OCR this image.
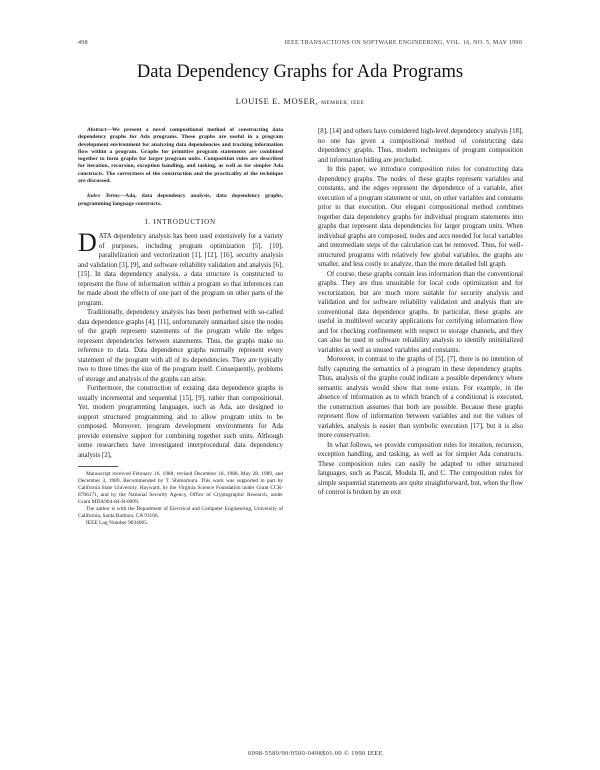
498	IEEE TRANSACTIONS ON SOFTWARE ENGINEERING, VOL. 16, NO. 5, MAY 1990
Data Dependency Graphs for Ada Programs
LOUISE E. MOSER, MEMBER, IEEE

Abstract—We present a novel compositional method of constructing data dependency graphs for Ada programs. These graphs are useful in a program development environment for analyzing data dependencies and tracking information flow within a program. Graphs for primitive program statements are combined together to form graphs for larger program units. Composition rules are described for iteration, recursion, exception handling, and tasking, as well as for simpler Ada constructs. The correctness of the construction and the practicality of the technique are discussed.

Index Terms—Ada, data dependency analysis, data dependency graphs, programming language constructs.

I. INTRODUCTION

DATA dependency analysis has been used extensively for a variety of purposes, including program optimization [5], [10], parallelization and vectorization [1], [12], [16], security analysis and validation [3], [9], and software reliability validation and analysis [6], [15]. In data dependency analysis, a data structure is constructed to represent the flow of information within a program so that inferences can be made about the effects of one part of the program on other parts of the program.

Traditionally, dependency analysis has been performed with so-called data dependence graphs [4], [11], unfortunately unmarked since the nodes of the graph represent statements of the program while the edges represent dependencies between statements. Thus, the graphs make no reference to data. Data dependence graphs normally represent every statement of the program with all of its dependencies. They are typically two to three times the size of the program itself. Consequently, problems of storage and analysis of the graphs can arise.

Furthermore, the construction of existing data dependence graphs is usually incremental and sequential [15], [9], rather than compositional. Yet, modern programming languages, such as Ada, are designed to support structured programming and to allow program units to be composed. Moreover, program development environments for Ada provide extensive support for combining together such units. Although some researchers have investigated interprocedural data dependency analysis [2],

Manuscript received February 16, 1988; revised December 18, 1988, May 28, 1989, and December 3, 1989. Recommended by T. Shimomura. This work was supported in part by California State University, Hayward, by the Virginia Science Foundation under Grant CCR-8706171, and by the National Security Agency, Office of Cryptographic Research, under Grant MDA904-84-H-0009.

The author is with the Department of Electrical and Computer Engineering, University of California, Santa Barbara, CA 93106.

IEEE Log Number 9034065.

[8], [14] and others have considered high-level dependency analysis [18], no one has given a compositional method of constructing data dependency graphs. Thus, modern techniques of program composition and information hiding are precluded.

In this paper, we introduce composition rules for constructing data dependency graphs. The nodes of these graphs represent variables and constants, and the edges represent the dependence of a variable, after execution of a program statement or unit, on other variables and constants prior to that execution. Our elegant compositional method combines together data dependency graphs for individual program statements into graphs that represent data dependencies for larger program units. When individual graphs are composed, nodes and arcs needed for local variables and intermediate steps of the calculation can be removed. Thus, for well-structured programs with relatively few global variables, the graphs are smaller, and less costly to analyze, than the more detailed full graph.

Of course, these graphs contain less information than the conventional graphs. They are thus unsuitable for local code optimization and for vectorization, but are much more suitable for security analysis and validation and for software reliability validation and analysis than are conventional data dependence graphs. In particular, these graphs are useful in multilevel security applications for certifying information flow and for checking confinement with respect to storage channels, and they can also be used in software reliability analysis to identify uninitialized variables as well as unused variables and constants.

Moreover, in contrast to the graphs of [5], [7], there is no intention of fully capturing the semantics of a program in these dependency graphs. Thus, analysis of the graphs could indicate a possible dependency where semantic analysis would show that none exists. For example, in the absence of information as to which branch of a conditional is executed, the construction assumes that both are possible. Because these graphs represent flow of information between variables and not the values of variables, analysis is easier than symbolic execution [17], but it is also more conservative.

In what follows, we provide composition rules for iteration, recursion, exception handling, and tasking, as well as for simpler Ada constructs. These composition rules can easily be adapted to other structured languages, such as Pascal, Modula II, and C. The composition rules for simple sequential statements are quite straightforward, but, when the flow of control is broken by an exit

0098-5589/90/0500-0498$01.00 © 1990 IEEE
